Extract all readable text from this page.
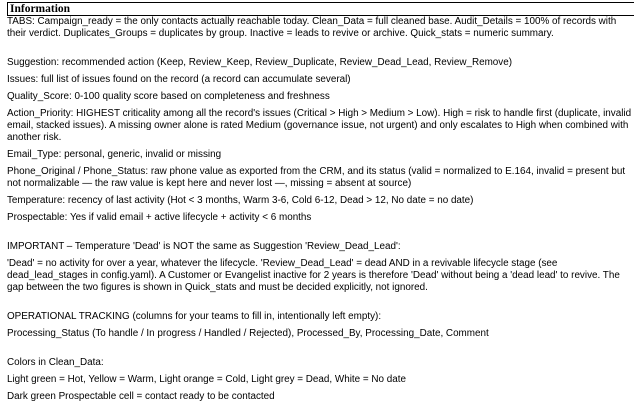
Information

TABS: Campaign_ready = the only contacts actually reachable today. Clean_Data = full cleaned base. Audit_Details = 100% of records with their verdict. Duplicates_Groups = duplicates by group. Inactive = leads to revive or archive. Quick_stats = numeric summary.

Suggestion: recommended action (Keep, Review_Keep, Review_Duplicate, Review_Dead_Lead, Review_Remove)

Issues: full list of issues found on the record (a record can accumulate several)

Quality_Score: 0-100 quality score based on completeness and freshness

Action_Priority: HIGHEST criticality among all the record's issues (Critical > High > Medium > Low). High = risk to handle first (duplicate, invalid email, stacked issues). A missing owner alone is rated Medium (governance issue, not urgent) and only escalates to High when combined with another risk.

Email_Type: personal, generic, invalid or missing

Phone_Original / Phone_Status: raw phone value as exported from the CRM, and its status (valid = normalized to E.164, invalid = present but not normalizable — the raw value is kept here and never lost —, missing = absent at source)

Temperature: recency of last activity (Hot < 3 months, Warm 3-6, Cold 6-12, Dead > 12, No date = no date)

Prospectable: Yes if valid email + active lifecycle + activity < 6 months

IMPORTANT – Temperature 'Dead' is NOT the same as Suggestion 'Review_Dead_Lead':

'Dead' = no activity for over a year, whatever the lifecycle. 'Review_Dead_Lead' = dead AND in a revivable lifecycle stage (see dead_lead_stages in config.yaml). A Customer or Evangelist inactive for 2 years is therefore 'Dead' without being a 'dead lead' to revive. The gap between the two figures is shown in Quick_stats and must be decided explicitly, not ignored.

OPERATIONAL TRACKING (columns for your teams to fill in, intentionally left empty):

Processing_Status (To handle / In progress / Handled / Rejected), Processed_By, Processing_Date, Comment

Colors in Clean_Data:

Light green = Hot, Yellow = Warm, Light orange = Cold, Light grey = Dead, White = No date

Dark green Prospectable cell = contact ready to be contacted
